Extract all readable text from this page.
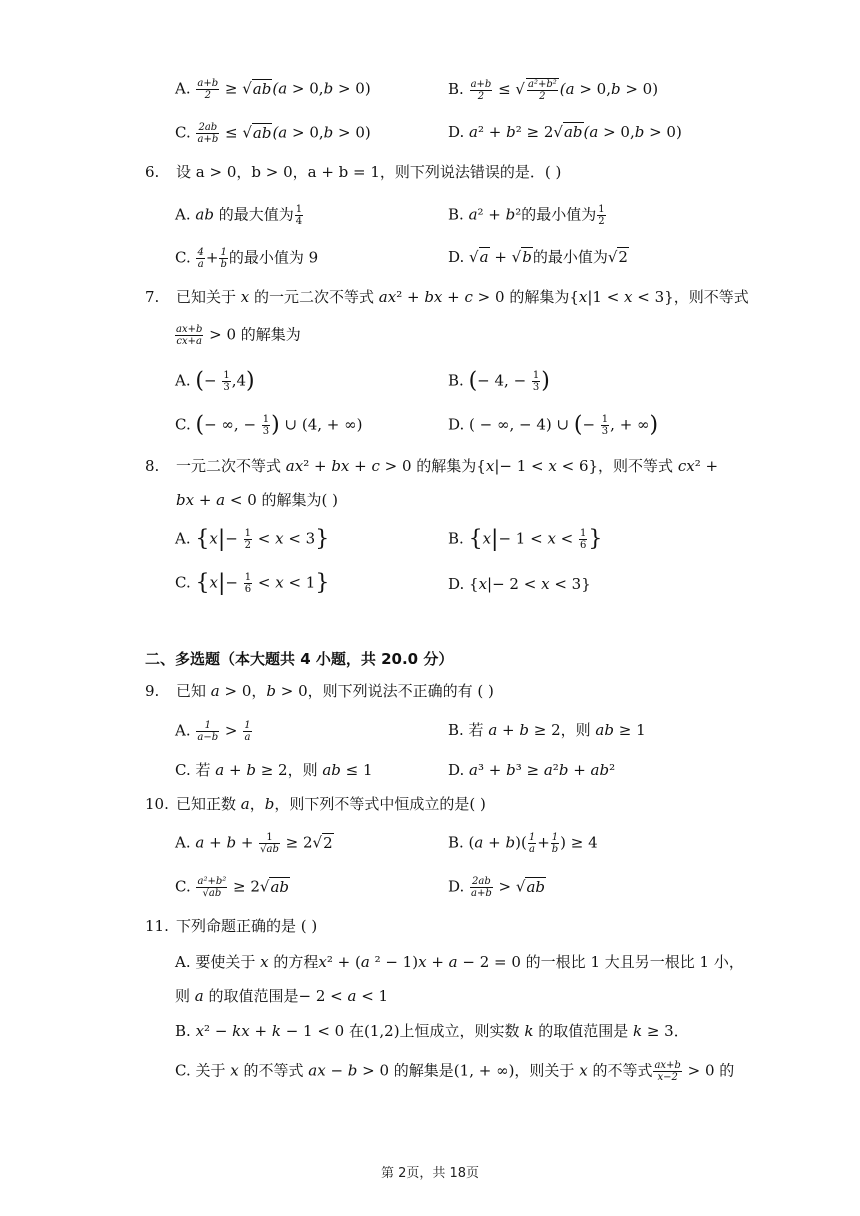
A. $\frac{a+b}{2} \ge √ab(a > 0,b > 0)$	B. $\frac{a+b}{2}$ ≤ √ $\frac{\text{a²+b²}}{2} (a > 0,b > 0)$
C. $\frac{2ab}{a+b} \le √ab(a > 0,b > 0)$	D. a² + b² ≥ 2√ab(a > 0,b > 0)
6. 设 a > 0，b > 0，a + b = 1，则下列说法错误的是．( )
A. ab 的最大值为 $\frac{1}{4}$	B. a² + b²的最小值为 $\frac{1}{2}$
C. $\frac{4}{a} + \frac{1}{b}$ 的最小值为 9	D. √a + √b的最小值为√2
7. 已知关于 x 的一元二次不等式 ax² + bx + c > 0 的解集为{x|1 < x < 3}，则不等式
$\frac{ax+b}{cx+a} > 0$ 的解集为
A. (− $\frac{1}{3} ,4$)	B. (− 4, − $\frac{1}{3}$ )
C. (− ∞, − $\frac{1}{3}$ ) ∪ (4, + ∞)	D. ( − ∞, − 4) ∪ (− $\frac{1}{3}$ , + ∞)
8. 一元二次不等式 ax² + bx + c > 0 的解集为{x|− 1 < x < 6}，则不等式 cx² +
bx + a < 0 的解集为( )
A. $\{x|- \frac{1}{2} < x < 3\}$	B. {$x|- 1 < x < \frac{1}{6}$ }
C. $\{x|- \frac{1}{6} < x < 1\}$	D. {x|− 2 < x < 3}
二、多选题（本大题共 4 小题，共 20.0 分）
9. 已知 a > 0，b > 0，则下列说法不正确的有 ( )
A. $\frac{1}{a-b} > \frac{1}{a}$	B. 若 a + b ≥ 2，则 ab ≥ 1
C. 若 a + b ≥ 2，则 ab ≤ 1	D. a³ + b³ ≥ a²b + ab²
10. 已知正数 a，b，则下列不等式中恒成立的是( )
A. $a + b + \frac{1}{√ab} \ge 2√2$	B. $(a + b)( \frac{1}{a} + \frac{1}{b}$ ) ≥ 4
C. $\frac{\text{a²+b²}}{√ab} \ge 2√ab$	D. $\frac{2ab}{a+b} > √ab$
11. 下列命题正确的是 ( )
A. 要使关于 x 的方程x² + (a ² − 1)x + a − 2 = 0 的一根比 1 大且另一根比 1 小，
则 a 的取值范围是− 2 < a < 1
B. x² − kx + k − 1 < 0 在(1,2)上恒成立，则实数 k 的取值范围是 k ≥ 3．
C. 关于 x 的不等式 ax − b > 0 的解集是(1, + ∞)，则关于 x 的不等式 $\frac{ax+b}{x-2} > 0$ 的
第 2页，共 18页
